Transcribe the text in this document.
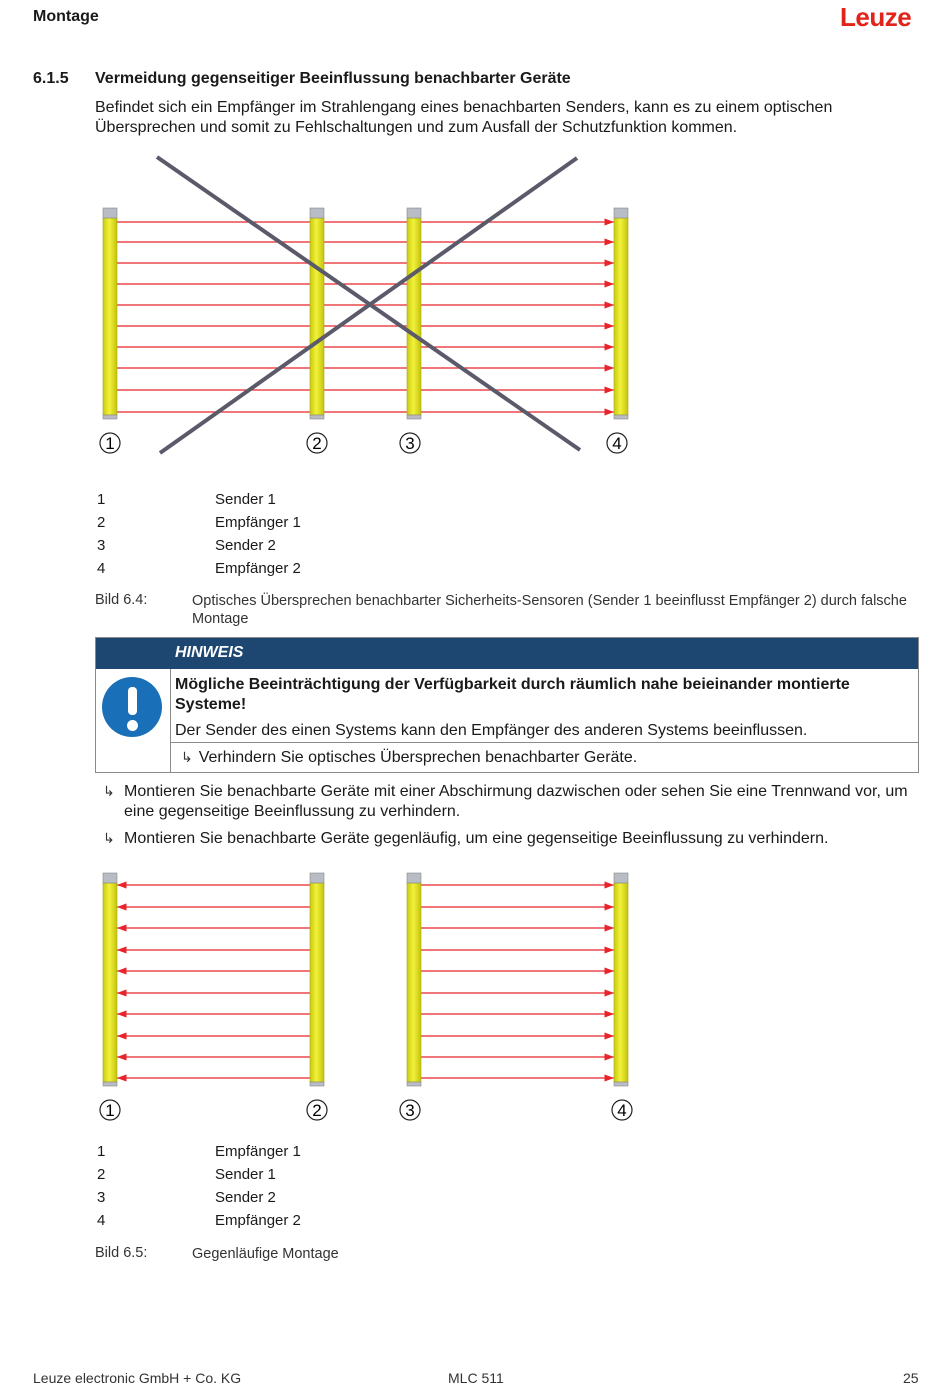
Montage	Leuze
6.1.5 Vermeidung gegenseitiger Beeinflussung benachbarter Geräte
Befindet sich ein Empfänger im Strahlengang eines benachbarten Senders, kann es zu einem optischen Übersprechen und somit zu Fehlschaltungen und zum Ausfall der Schutzfunktion kommen.
1	2	3	4
1	Sender 1
2	Empfänger 1
3	Sender 2
4	Empfänger 2
Bild 6.4:	Optisches Übersprechen benachbarter Sicherheits-Sensoren (Sender 1 beeinflusst Empfänger 2) durch falsche Montage
HINWEIS
Mögliche Beeinträchtigung der Verfügbarkeit durch räumlich nahe beieinander montierte Systeme!
Der Sender des einen Systems kann den Empfänger des anderen Systems beeinflussen.
↳ Verhindern Sie optisches Übersprechen benachbarter Geräte.
↳ Montieren Sie benachbarte Geräte mit einer Abschirmung dazwischen oder sehen Sie eine Trennwand vor, um eine gegenseitige Beeinflussung zu verhindern.
↳ Montieren Sie benachbarte Geräte gegenläufig, um eine gegenseitige Beeinflussung zu verhindern.
1	2	3	4
1	Empfänger 1
2	Sender 1
3	Sender 2
4	Empfänger 2
Bild 6.5:	Gegenläufige Montage
Leuze electronic GmbH + Co. KG	MLC 511	25
